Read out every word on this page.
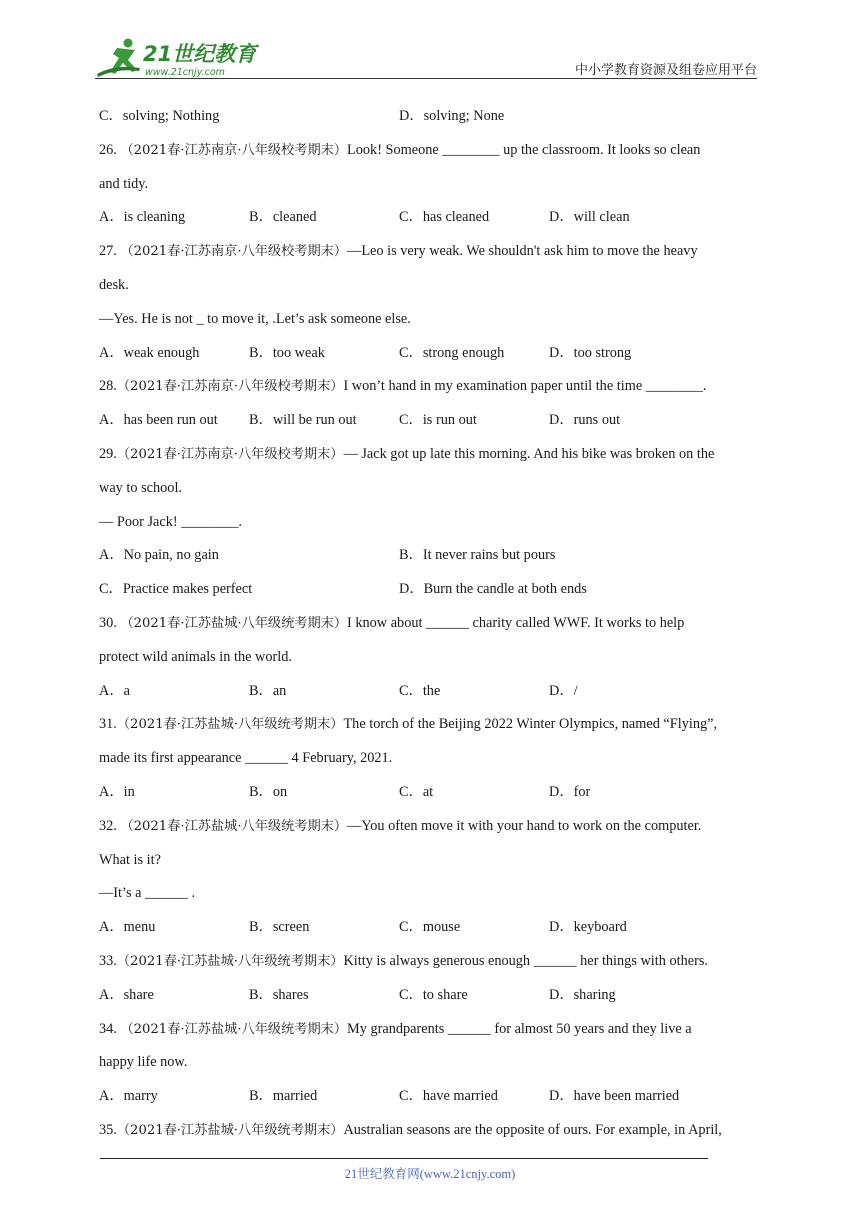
21世纪教育
www.21cnjy.com	中小学教育资源及组卷应用平台
C．solving; Nothing	D．solving; None
26. （2021春·江苏南京·八年级校考期末）Look! Someone ________ up the classroom. It looks so clean
and tidy.
A．is cleaning	B．cleaned	C．has cleaned	D．will clean
27. （2021春·江苏南京·八年级校考期末）—Leo is very weak. We shouldn't ask him to move the heavy
desk.
—Yes. He is not _ to move it, .Let’s ask someone else.
A．weak enough	B．too weak	C．strong enough	D．too strong
28.（2021春·江苏南京·八年级校考期末）I won’t hand in my examination paper until the time ________.
A．has been run out B．will be run out	C．is run out	D．runs out
29.（2021春·江苏南京·八年级校考期末）— Jack got up late this morning. And his bike was broken on the
way to school.
— Poor Jack! ________.
A．No pain, no gain	B．It never rains but pours
C．Practice makes perfect	D．Burn the candle at both ends
30. （2021春·江苏盐城·八年级统考期末）I know about ______ charity called WWF. It works to help
protect wild animals in the world.
A．a	B．an	C．the	D．/
31.（2021春·江苏盐城·八年级统考期末）The torch of the Beijing 2022 Winter Olympics, named “Flying”,
made its first appearance ______ 4 February, 2021.
A．in	B．on	C．at	D．for
32. （2021春·江苏盐城·八年级统考期末）—You often move it with your hand to work on the computer.
What is it?
—It’s a ______ .
A．menu	B．screen	C．mouse	D．keyboard
33.（2021春·江苏盐城·八年级统考期末）Kitty is always generous enough ______ her things with others.
A．share	B．shares	C．to share	D．sharing
34. （2021春·江苏盐城·八年级统考期末）My grandparents ______ for almost 50 years and they live a
happy life now.
A．marry	B．married	C．have married	D．have been married
35.（2021春·江苏盐城·八年级统考期末）Australian seasons are the opposite of ours. For example, in April,
21世纪教育网(www.21cnjy.com)
